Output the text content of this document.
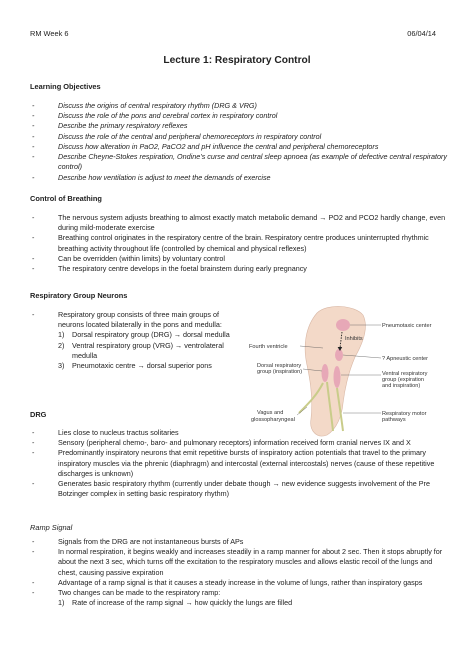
RM Week 6	06/04/14
Lecture 1: Respiratory Control
Learning Objectives
- Discuss the origins of central respiratory rhythm (DRG & VRG)
- Discuss the role of the pons and cerebral cortex in respiratory control
- Describe the primary respiratory reflexes
- Discuss the role of the central and peripheral chemoreceptors in respiratory control
- Discuss how alteration in PaO2, PaCO2 and pH influence the central and peripheral chemoreceptors
- Describe Cheyne-Stokes respiration, Ondine’s curse and central sleep apnoea (as example of defective central respiratory control)
- Describe how ventilation is adjust to meet the demands of exercise
Control of Breathing
- The nervous system adjusts breathing to almost exactly match metabolic demand → PO2 and PCO2 hardly change, even during mild-moderate exercise
- Breathing control originates in the respiratory centre of the brain. Respiratory centre produces uninterrupted rhythmic breathing activity throughout life (controlled by chemical and physical reflexes)
- Can be overridden (within limits) by voluntary control
- The respiratory centre develops in the foetal brainstem during early pregnancy
Respiratory Group Neurons
- Respiratory group consists of three main groups of neurons located bilaterally in the pons and medulla:
1) Dorsal respiratory group (DRG) → dorsal medulla
2) Ventral respiratory group (VRG) → ventrolateral medulla
3) Pneumotaxic centre → dorsal superior pons
Pneumotaxic center
Inhibits
Fourth ventricle
? Apneustic center
Dorsal respiratory
group (inspiration)	Ventral respiratory
group (expiration
and inspiration)
Vagus and
glossopharyngeal
Respiratory motor
pathways
DRG
- Lies close to nucleus tractus solitaries
- Sensory (peripheral chemo-, baro- and pulmonary receptors) information received form cranial nerves IX and X
- Predominantly inspiratory neurons that emit repetitive bursts of inspiratory action potentials that travel to the primary inspiratory muscles via the phrenic (diaphragm) and intercostal (external intercostals) nerves (cause of these repetitive discharges is unknown)
- Generates basic respiratory rhythm (currently under debate though → new evidence suggests involvement of the Pre Botzinger complex in setting basic respiratory rhythm)
Ramp Signal
- Signals from the DRG are not instantaneous bursts of APs
- In normal respiration, it begins weakly and increases steadily in a ramp manner for about 2 sec. Then it stops abruptly for about the next 3 sec, which turns off the excitation to the respiratory muscles and allows elastic recoil of the lungs and chest, causing passive expiration
- Advantage of a ramp signal is that it causes a steady increase in the volume of lungs, rather than inspiratory gasps
- Two changes can be made to the respiratory ramp:
1) Rate of increase of the ramp signal → how quickly the lungs are filled
